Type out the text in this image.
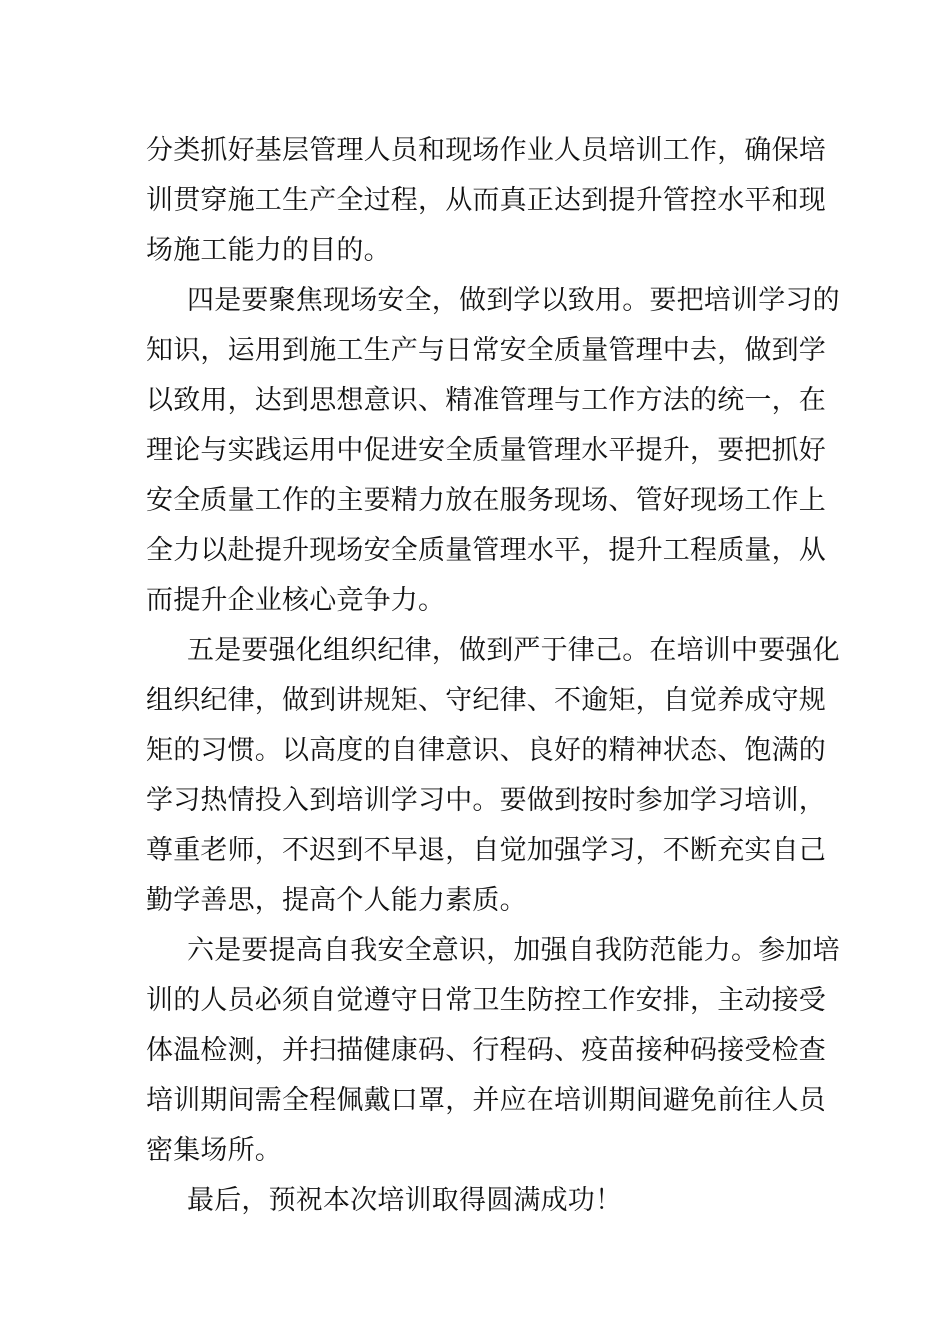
分类抓好基层管理人员和现场作业人员培训工作，确保培
训贯穿施工生产全过程，从而真正达到提升管控水平和现
场施工能力的目的。
四是要聚焦现场安全，做到学以致用。要把培训学习的
知识，运用到施工生产与日常安全质量管理中去，做到学
以致用，达到思想意识、精准管理与工作方法的统一，在
理论与实践运用中促进安全质量管理水平提升，要把抓好
安全质量工作的主要精力放在服务现场、管好现场工作上
全力以赴提升现场安全质量管理水平，提升工程质量，从
而提升企业核心竞争力。
五是要强化组织纪律，做到严于律己。在培训中要强化
组织纪律，做到讲规矩、守纪律、不逾矩，自觉养成守规
矩的习惯。以高度的自律意识、良好的精神状态、饱满的
学习热情投入到培训学习中。要做到按时参加学习培训，
尊重老师，不迟到不早退，自觉加强学习，不断充实自己
勤学善思，提高个人能力素质。
六是要提高自我安全意识，加强自我防范能力。参加培
训的人员必须自觉遵守日常卫生防控工作安排，主动接受
体温检测，并扫描健康码、行程码、疫苗接种码接受检查
培训期间需全程佩戴口罩，并应在培训期间避免前往人员
密集场所。
最后，预祝本次培训取得圆满成功！
